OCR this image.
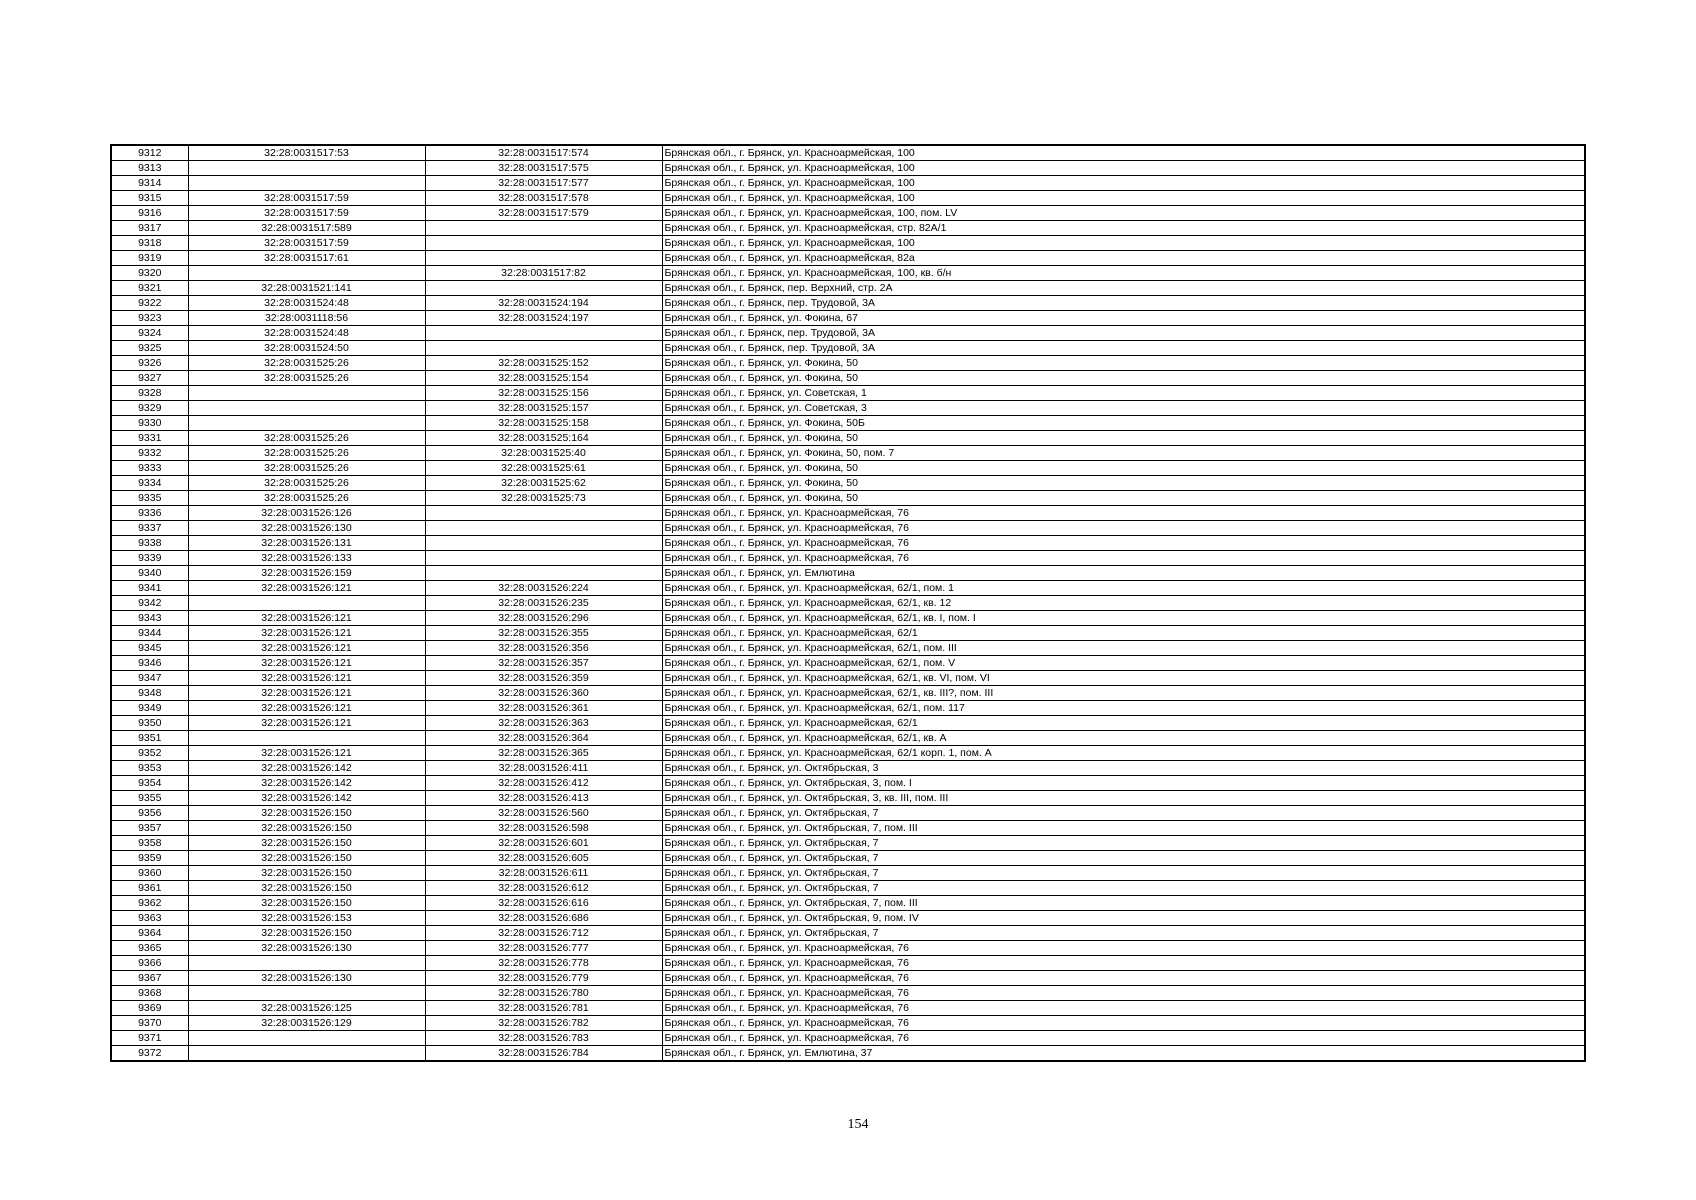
9312	32:28:0031517:53	32:28:0031517:574	Брянская обл., г. Брянск, ул. Красноармейская, 100
9313		32:28:0031517:575	Брянская обл., г. Брянск, ул. Красноармейская, 100
9314		32:28:0031517:577	Брянская обл., г. Брянск, ул. Красноармейская, 100
9315	32:28:0031517:59	32:28:0031517:578	Брянская обл., г. Брянск, ул. Красноармейская, 100
9316	32:28:0031517:59	32:28:0031517:579	Брянская обл., г. Брянск, ул. Красноармейская, 100, пом. LV
9317	32:28:0031517:589		Брянская обл., г. Брянск, ул. Красноармейская, стр. 82А/1
9318	32:28:0031517:59		Брянская обл., г. Брянск, ул. Красноармейская, 100
9319	32:28:0031517:61		Брянская обл., г. Брянск, ул. Красноармейская, 82а
9320		32:28:0031517:82	Брянская обл., г. Брянск, ул. Красноармейская, 100, кв. б/н
9321	32:28:0031521:141		Брянская обл., г. Брянск, пер. Верхний, стр. 2А
9322	32:28:0031524:48	32:28:0031524:194	Брянская обл., г. Брянск, пер. Трудовой, 3А
9323	32:28:0031118:56	32:28:0031524:197	Брянская обл., г. Брянск, ул. Фокина, 67
9324	32:28:0031524:48		Брянская обл., г. Брянск, пер. Трудовой, 3А
9325	32:28:0031524:50		Брянская обл., г. Брянск, пер. Трудовой, 3А
9326	32:28:0031525:26	32:28:0031525:152	Брянская обл., г. Брянск, ул. Фокина, 50
9327	32:28:0031525:26	32:28:0031525:154	Брянская обл., г. Брянск, ул. Фокина, 50
9328		32:28:0031525:156	Брянская обл., г. Брянск, ул. Советская, 1
9329		32:28:0031525:157	Брянская обл., г. Брянск, ул. Советская, 3
9330		32:28:0031525:158	Брянская обл., г. Брянск, ул. Фокина, 50Б
9331	32:28:0031525:26	32:28:0031525:164	Брянская обл., г. Брянск, ул. Фокина, 50
9332	32:28:0031525:26	32:28:0031525:40	Брянская обл., г. Брянск, ул. Фокина, 50, пом. 7
9333	32:28:0031525:26	32:28:0031525:61	Брянская обл., г. Брянск, ул. Фокина, 50
9334	32:28:0031525:26	32:28:0031525:62	Брянская обл., г. Брянск, ул. Фокина, 50
9335	32:28:0031525:26	32:28:0031525:73	Брянская обл., г. Брянск, ул. Фокина, 50
9336	32:28:0031526:126		Брянская обл., г. Брянск, ул. Красноармейская, 76
9337	32:28:0031526:130		Брянская обл., г. Брянск, ул. Красноармейская, 76
9338	32:28:0031526:131		Брянская обл., г. Брянск, ул. Красноармейская, 76
9339	32:28:0031526:133		Брянская обл., г. Брянск, ул. Красноармейская, 76
9340	32:28:0031526:159		Брянская обл., г. Брянск, ул. Емлютина
9341	32:28:0031526:121	32:28:0031526:224	Брянская обл., г. Брянск, ул. Красноармейская, 62/1, пом. 1
9342		32:28:0031526:235	Брянская обл., г. Брянск, ул. Красноармейская, 62/1, кв. 12
9343	32:28:0031526:121	32:28:0031526:296	Брянская обл., г. Брянск, ул. Красноармейская, 62/1, кв. I, пом. I
9344	32:28:0031526:121	32:28:0031526:355	Брянская обл., г. Брянск, ул. Красноармейская, 62/1
9345	32:28:0031526:121	32:28:0031526:356	Брянская обл., г. Брянск, ул. Красноармейская, 62/1, пом. III
9346	32:28:0031526:121	32:28:0031526:357	Брянская обл., г. Брянск, ул. Красноармейская, 62/1, пом. V
9347	32:28:0031526:121	32:28:0031526:359	Брянская обл., г. Брянск, ул. Красноармейская, 62/1, кв. VI, пом. VI
9348	32:28:0031526:121	32:28:0031526:360	Брянская обл., г. Брянск, ул. Красноармейская, 62/1, кв. III?, пом. III
9349	32:28:0031526:121	32:28:0031526:361	Брянская обл., г. Брянск, ул. Красноармейская, 62/1, пом. 117
9350	32:28:0031526:121	32:28:0031526:363	Брянская обл., г. Брянск, ул. Красноармейская, 62/1
9351		32:28:0031526:364	Брянская обл., г. Брянск, ул. Красноармейская, 62/1, кв. А
9352	32:28:0031526:121	32:28:0031526:365	Брянская обл., г. Брянск, ул. Красноармейская, 62/1 корп. 1, пом. А
9353	32:28:0031526:142	32:28:0031526:411	Брянская обл., г. Брянск, ул. Октябрьская, 3
9354	32:28:0031526:142	32:28:0031526:412	Брянская обл., г. Брянск, ул. Октябрьская, 3, пом. I
9355	32:28:0031526:142	32:28:0031526:413	Брянская обл., г. Брянск, ул. Октябрьская, 3, кв. III, пом. III
9356	32:28:0031526:150	32:28:0031526:560	Брянская обл., г. Брянск, ул. Октябрьская, 7
9357	32:28:0031526:150	32:28:0031526:598	Брянская обл., г. Брянск, ул. Октябрьская, 7, пом. III
9358	32:28:0031526:150	32:28:0031526:601	Брянская обл., г. Брянск, ул. Октябрьская, 7
9359	32:28:0031526:150	32:28:0031526:605	Брянская обл., г. Брянск, ул. Октябрьская, 7
9360	32:28:0031526:150	32:28:0031526:611	Брянская обл., г. Брянск, ул. Октябрьская, 7
9361	32:28:0031526:150	32:28:0031526:612	Брянская обл., г. Брянск, ул. Октябрьская, 7
9362	32:28:0031526:150	32:28:0031526:616	Брянская обл., г. Брянск, ул. Октябрьская, 7, пом. III
9363	32:28:0031526:153	32:28:0031526:686	Брянская обл., г. Брянск, ул. Октябрьская, 9, пом. IV
9364	32:28:0031526:150	32:28:0031526:712	Брянская обл., г. Брянск, ул. Октябрьская, 7
9365	32:28:0031526:130	32:28:0031526:777	Брянская обл., г. Брянск, ул. Красноармейская, 76
9366		32:28:0031526:778	Брянская обл., г. Брянск, ул. Красноармейская, 76
9367	32:28:0031526:130	32:28:0031526:779	Брянская обл., г. Брянск, ул. Красноармейская, 76
9368		32:28:0031526:780	Брянская обл., г. Брянск, ул. Красноармейская, 76
9369	32:28:0031526:125	32:28:0031526:781	Брянская обл., г. Брянск, ул. Красноармейская, 76
9370	32:28:0031526:129	32:28:0031526:782	Брянская обл., г. Брянск, ул. Красноармейская, 76
9371		32:28:0031526:783	Брянская обл., г. Брянск, ул. Красноармейская, 76
9372		32:28:0031526:784	Брянская обл., г. Брянск, ул. Емлютина, 37
154
